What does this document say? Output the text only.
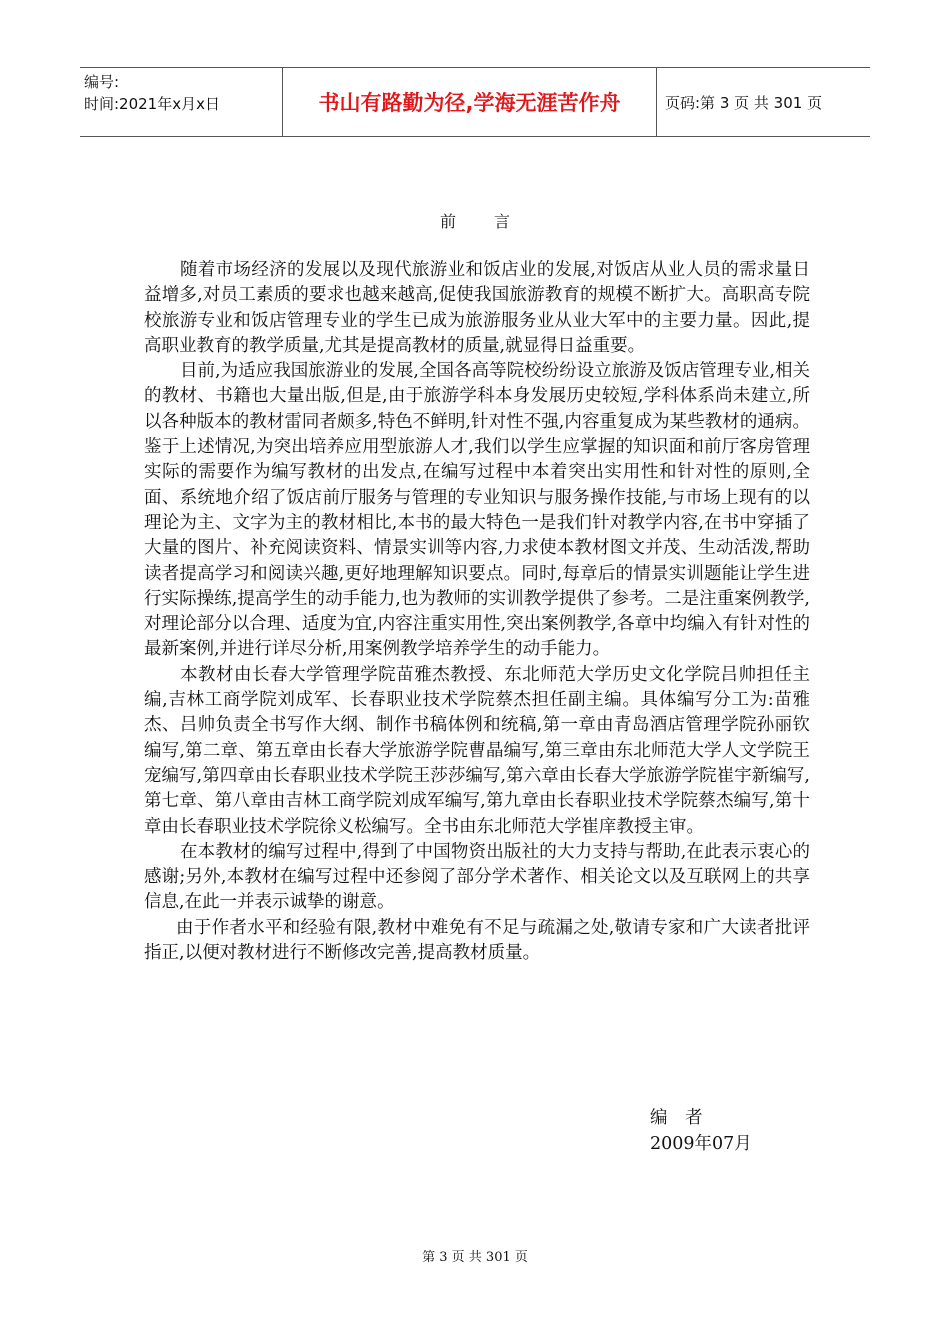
编号:
时间:2021年x月x日	书山有路勤为径,学海无涯苦作舟	页码:第 3 页 共 301 页
前 言

随着市场经济的发展以及现代旅游业和饭店业的发展,对饭店从业人员的需求量日益增多,对员工素质的要求也越来越高,促使我国旅游教育的规模不断扩大。高职高专院校旅游专业和饭店管理专业的学生已成为旅游服务业从业大军中的主要力量。因此,提高职业教育的教学质量,尤其是提高教材的质量,就显得日益重要。

目前,为适应我国旅游业的发展,全国各高等院校纷纷设立旅游及饭店管理专业,相关的教材、书籍也大量出版,但是,由于旅游学科本身发展历史较短,学科体系尚未建立,所以各种版本的教材雷同者颇多,特色不鲜明,针对性不强,内容重复成为某些教材的通病。鉴于上述情况,为突出培养应用型旅游人才,我们以学生应掌握的知识面和前厅客房管理实际的需要作为编写教材的出发点,在编写过程中本着突出实用性和针对性的原则,全面、系统地介绍了饭店前厅服务与管理的专业知识与服务操作技能,与市场上现有的以理论为主、文字为主的教材相比,本书的最大特色一是我们针对教学内容,在书中穿插了大量的图片、补充阅读资料、情景实训等内容,力求使本教材图文并茂、生动活泼,帮助读者提高学习和阅读兴趣,更好地理解知识要点。同时,每章后的情景实训题能让学生进行实际操练,提高学生的动手能力,也为教师的实训教学提供了参考。二是注重案例教学,对理论部分以合理、适度为宜,内容注重实用性,突出案例教学,各章中均编入有针对性的最新案例,并进行详尽分析,用案例教学培养学生的动手能力。

本教材由长春大学管理学院苗雅杰教授、东北师范大学历史文化学院吕帅担任主编,吉林工商学院刘成军、长春职业技术学院蔡杰担任副主编。具体编写分工为:苗雅杰、吕帅负责全书写作大纲、制作书稿体例和统稿,第一章由青岛酒店管理学院孙丽钦编写,第二章、第五章由长春大学旅游学院曹晶编写,第三章由东北师范大学人文学院王宠编写,第四章由长春职业技术学院王莎莎编写,第六章由长春大学旅游学院崔宇新编写,第七章、第八章由吉林工商学院刘成军编写,第九章由长春职业技术学院蔡杰编写,第十章由长春职业技术学院徐义松编写。全书由东北师范大学崔庠教授主审。

在本教材的编写过程中,得到了中国物资出版社的大力支持与帮助,在此表示衷心的感谢;另外,本教材在编写过程中还参阅了部分学术著作、相关论文以及互联网上的共享信息,在此一并表示诚挚的谢意。

由于作者水平和经验有限,教材中难免有不足与疏漏之处,敬请专家和广大读者批评指正,以便对教材进行不断修改完善,提高教材质量。

编　者
2009年07月
第 3 页 共 301 页
